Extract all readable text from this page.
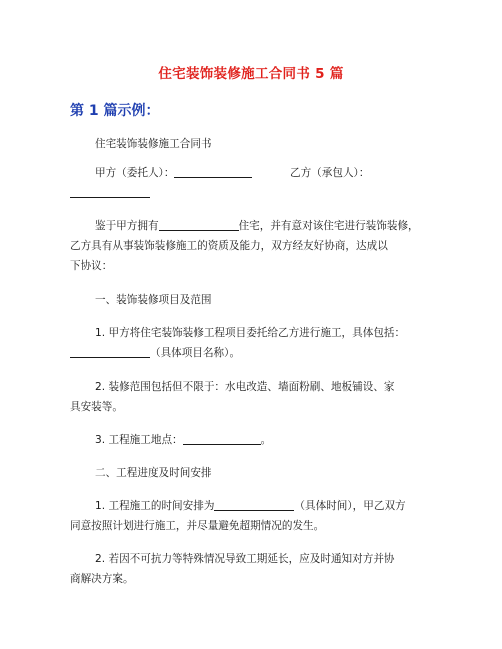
住宅装饰装修施工合同书 5 篇
第 1 篇示例：
住宅装饰装修施工合同书
甲方（委托人）：	乙方（承包人）：
鉴于甲方拥有	住宅，并有意对该住宅进行装饰装修，
乙方具有从事装饰装修施工的资质及能力，双方经友好协商，达成以
下协议：
一、装饰装修项目及范围
1. 甲方将住宅装饰装修工程项目委托给乙方进行施工，具体包括：
（具体项目名称）。
2. 装修范围包括但不限于：水电改造、墙面粉刷、地板铺设、家
具安装等。
3. 工程施工地点：	。
二、工程进度及时间安排
1. 工程施工的时间安排为	（具体时间），甲乙双方
同意按照计划进行施工，并尽量避免超期情况的发生。
2. 若因不可抗力等特殊情况导致工期延长，应及时通知对方并协
商解决方案。
